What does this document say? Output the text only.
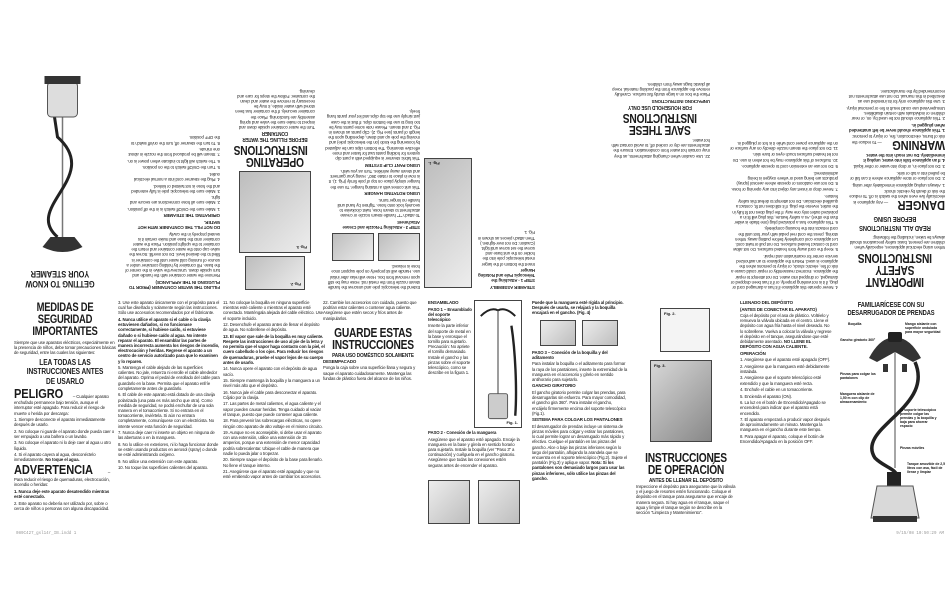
IMPORTANT SAFETY INSTRUCTIONS

When using electrical appliances, especially when children are present, basic safety precautions should always be taken, including the following:

READ ALL INSTRUCTIONS BEFORE USING

DANGER — Any appliance is electrically live even when the switch is off. To reduce the risk of death by electric shock:

1. Always unplug appliance immediately after using.

2. Do not place or store appliance where it can fall or be pulled into a tub or sink.

3. Do not place in, or drop into water or other liquid.

4. If an appliance falls into water, unplug it immediately. Do not reach into the water.

WARNING — To reduce the risk of burns, electrocution, fire, or injury to persons:

1. This appliance should never be left unattended when plugged in.

2. This appliance should not be used by, on, or near children or individuals with certain disabilities. Unsupervised use could result in fire or personal injury.

3. Use this appliance only for its intended use as described in this manual. Do not use attachments not recommended by the manufacturer.

4. Never operate this appliance if it has a damaged cord or plug, if it is not working properly, or if it has been dropped or damaged, or dropped into water. Do not attempt to repair the appliance. Incorrect reassembly or repair could cause a risk of fire, electric shock, or injury to persons when the appliance is used. Return the appliance to an authorized service center for examination and repair.

5. Keep the cord away from heated surfaces. Do not allow cord to contact heated surfaces. Do not pull or twist cord. Let appliance cool completely before putting away. When storing, press the cord reel pedal with your foot until the cord retracts into the housing completely.

6. This appliance has a polarized plug (one blade is wider than the other). As a safety feature, this plug will fit in a polarized outlet only one way. If the plug does not fit fully in the outlet, reverse the plug. If it still does not fit, contact a qualified electrician. Do not attempt to defeat this safety feature.

7. Never drop or insert any object into any opening or hose.

8. Do not use outdoors or operate where aerosol (spray) products are being used or where oxygen is being administered.

9. Do not use an extension cord to operate appliance.

10. Surfaces of this appliance may be hot when in use. Do not let heated surfaces touch eyes or bare skin.

11. Do not place the steam nozzle directly on any surface or on the appliance power cord while it is hot or plugged in.

22. Use caution when changing attachments, as they may contain hot water from condensation. Ensure the attachments are dry or cooled off, to avoid contact with hot water.

SAVE THESE INSTRUCTIONS
FOR HOUSEHOLD USE ONLY

UNPACKING INSTRUCTIONS

Place the box on a large sturdy flat surface. Carefully remove the appliance from the packing material. Keep all plastic bags away from children.

STEAMER ASSEMBLY

STEP 1 - Attaching the Telescopic Pole and Rotating Hanger

Insert the bottom of the larger metal telescopic pole into the holder on the unit base and screw the set screw until tight. (Caution: Do not over-tighten.) Then attach pieces as shown in Fig. 1.

Fig. 1.

Extend the telescopic pole and unscrew the handle steam nozzle from the metal rod. Hose may be stiff upon removal from box. Hose will relax after initial use. Handle will sit properly on pole support once hose is relaxed.

STEP 3 - Attaching T-Nozzle and Crease Attachment

To attach "T" handle steam nozzle or crease attachment to steam hose, twist clockwise to securely lock onto hose. Tighten by hand until handle no longer turns.

USING ROTATING HANGER

This unit comes with a rotating hanger. To use the hanger simply place on top of pole firmly (Fig. 1). It is now in place to rotate 360°. Hang your garment and steam away wrinkles. Turn as you wish.

USING PANT CLIP SYSTEM

This fabric steamer is equipped with a pant clip system for holding pants taut for faster and more effective steaming. The bottom clips can be adjusted by loosening the knob (on the telescopic pole) and moving the pole up and down, depending upon the length of pants (see Fig. 2). Clip pants as shown in Fig. 3 and steam. Please note some pants may be too long to use the bottom clips. If that is the case just simply use the top clips and let your pants hang freely.

Fig. 2.
Fig. 3.
OPERATING INSTRUCTIONS
BEFORE FILLING THE WATER CONTAINER

Turn the water container upside down and inspect to make sure the valve and spring assembly are functioning. Place the container securely. If the container has been stored with water inside, it may be necessary to remove the water and clean the container. Follow the steps for care and cleaning.

FILLING THE WATER CONTAINER (PRIOR TO PLUGGING IN THE APPLIANCE)

Remove the water container with the handle and turn upside down. Unscrew the valve in the center of the base. Fill container by holding container under a source of running cold water until the container is filled to the desired level. Do not overfill. Screw the valve cap onto the water container and return the container to the upright position. Place the water container onto the base and make certain it is seated properly in the cavity.

DO NOT FILL THE CONTAINER WITH HOT WATER.

OPERATING THE STEAMER

1. Make sure the On/Off switch is in the off position.

2. Make sure all hose connections are secure and tight.

3. Make sure the telescopic pole is fully extended and the hose is not twisted or kinked.

4. Plug the steamer cord into a normal electrical outlet.

5. Turn the On/Off switch to the on position.

6. The switch will light to indicate when power is on.

7. Steam will be produced from the nozzle in about one minute.

8. To turn the steamer off, turn the on/off switch to the OFF position.

GETTING TO KNOW YOUR STEAMER
MEDIDAS DE SEGURIDAD IMPORTANTES

Siempre que use aparatos eléctricos, especialmente en la presencia de niños, debe tomar precauciones básicas de seguridad, entre las cuales las siguientes:

LEA TODAS LAS INSTRUCCIONES ANTES DE USARLO

PELIGRO – Cualquier aparato enchufado permanece bajo tensión, aunque el interruptor esté apagado. Para reducir el riesgo de muerte o herida por descarga:

1. Siempre desconecte el aparato inmediatamente después de usarlo.

2. No coloque ni guarde el aparato donde pueda caer o ser empujado a una bañera o un lavabo.

3. No coloque el aparato ni lo deje caer al agua u otro líquido.

4. Si el aparato cayera al agua, desconéctelo inmediatamente. No toque el agua.

ADVERTENCIA	–

Para reducir el riesgo de quemaduras, electrocución, incendio o heridas:

1. Nunca deje este aparato desatendido mientras esté conectado.

2. Este aparato no debería ser utilizado por, sobre o cerca de niños o personas con alguna discapacidad.

3. Use este aparato únicamente con el propósito para el cual fue diseñado y solamente según las instrucciones. Sólo use accesorios recomendados por el fabricante.

4. Nunca utilice el aparato si el cable o la clavija estuviesen dañados, si no funcionase correctamente, si hubiese caído, si estuviese dañado o si hubiese caído al agua. No intente reparar el aparato. El ensamblar las partes de manera incorrecta aumenta los riesgos de incendio, electrocución y heridas. Regrese el aparato a un centro de servicio autorizado para que lo examinen y lo reparen.

5. Mantenga el cable alejado de las superficies calientes. No jale, retuerza ni enrolle el cable alrededor del aparato. Oprima el pedal de enrollado del cable para guardarlo en la base. Permita que el aparato enfríe completamente antes de guardarlo.

6. El cable de este aparato está dotado de una clavija polarizada (una pata es más ancho que otra). Como medida de seguridad, se podrá enchufar de una sola manera en el tomacorriente. Si no entrara en el tomacorriente, inviértela. Si aún no entrara completamente, comuníquese con un electricista. No intente vencer esta función de seguridad.

7. Nunca deje caer ni inserte un objeto en ninguna de las aberturas o en la manguera.

8. No lo utilice en exteriores, ni lo haga funcionar donde se estén usando productos en aerosol (spray) o donde se esté administrando oxígeno.

9. No utilice una extensión con este aparato.

10. No toque las superficies calientes del aparato.

11. No coloque la boquilla en ninguna superficie mientras esté caliente o mientras el aparato esté conectado. Manténgala alejada del cable eléctrico. Use el soporte incluido.

12. Desenchufe el aparato antes de llenar el depósito de agua. No sobrellene el depósito.

13. El vapor que sale de la boquilla es muy caliente. Respete las instrucciones de uso al pie de la letra y no permita que el vapor haga contacto con la piel, el cuero cabelludo o los ojos. Para reducir los riesgos de quemaduras, pruebe el vapor lejos de su cuerpo antes de usarlo.

14. Nunca opere el aparato con el depósito de agua vacío.

15. Siempre mantenga la boquilla y la manguera a un nivel más alto que el depósito.

16. Nunca jale el cable para desconectar el aparato. Cójalo por la clavija.

17. Las partes de metal calientes, el agua caliente y el vapor pueden causar heridas. Tenga cuidado al vaciar el tanque, puesto que puede contener agua caliente.

18. Para prevenir las sobrecargas eléctricas, no opere ningún otro aparato de alto voltaje en el mismo circuito.

19. Aunque no es aconsejable, si debe usar el aparato con una extensión, utilice una extensión de 15 amperios, porque una extensión de menor capacidad podría sobrecalentar. Ubique el cable de manera que nadie lo pueda jalar o tropezar.

20. Siempre saque el depósito de la base para llenarlo. No llene el tanque interno.

21. Asegúrese que el aparato esté apagado y que no esté emitiendo vapor antes de cambiar los accesorios.

22. Cambie los accesorios con cuidado, puesto que podrían estar calientes o contener agua caliente. Asegúrese que estén secos y fríos antes de manipularlos.

GUARDE ESTAS INSTRUCCIONES
PARA USO DOMÉSTICO SOLAMENTE

DESEMPACADO

Ponga la caja sobre una superficie llana y segura y saque el aparato cuidadosamente. Mantenga las fundas de plástico fuera del alcance de los niños.

ENSAMBLADO

PASO 1 – Ensamblado del soporte telescópico

Inserte la parte inferior del soporte de metal en la base y enrosque el tornillo para sujetarlo. Precaución: No apriete el tornillo demasiado. Instale el gancho y las pinzas sobre el soporte telescópico, como se describe en la figura 1.

Fig. 1.

PASO 2 - Conexión de la manguera

Asegúrese que el aparato esté apagado. Encaje la manguera en la base y gírela en sentido horario para sujetarla. Instale la boquilla (ver "Paso 3" a continuación) y cuélguela en el gancho giratorio. Asegúrese que todas las conexiones estén seguras antes de encender el aparato.

Puede que la manguera esté rígida al principio. Después de usarla, se relajará y la boquilla encajará en el gancho. (Fig. 4)

PASO 3 – Conexión de la boquilla y del aditamento

Para instalar la boquilla o el aditamento para formar la raya de los pantalones, inserte la extremidad de la manguera en el accesorio y gírelo en sentido antihorario para sujetarlo.

GANCHO GIRATORIO

El gancho giratorio permite colgar las prendas, para desarrugarlas sin esfuerzo. Para mayor comodidad, el gancho gira 360°. Para instalar el gancho, encájelo firmemente encima del soporte telescópico (Fig.1).

SISTEMA PARA COLGAR LOS PANTALONES

El desarrugador de prendas incluye un sistema de pinzas móviles para colgar y estirar los pantalones, lo cual permite lograr un desarrugado más rápido y efectivo. Cuelgue el pantalón en las pinzas del gancho. Alce o baje las pinzas inferiores según lo largo del pantalón, aflojando la arandela que se encuentra en el soporte telescópico (Fig.2). Sujete el pantalón (Fig.3) y aplique vapor. Nota: Si los pantalones son demasiado largos para usar las pinzas inferiores, sólo utilice las pinzas del gancho.

Fig. 2.
Fig. 3.
INSTRUCCIONES DE OPERACIÓN
ANTES DE LLENAR EL DEPÓSITO

Inspeccione el depósito para asegurarse que la válvula y el juego de resortes estén funcionando. Coloque el depósito en el tanque para asegurarse que encaje de manera segura. Si hay agua en el tanque, saque el agua y limpie el tanque según se describe en la sección "Limpieza y Mantenimiento".

LLENADO DEL DEPÓSITO

(ANTES DE CONECTAR EL APARATO)

Coja el depósito por el asa de plástico. Voltéelo y remueva la válvula ubicada en el centro. Llene el depósito con agua fría hasta el nivel deseado. No lo sobrellene. Vuelva a colocar la válvula y regrese el depósito en el tanque, asegurándose que esté debidamente asentado. NO LLENE EL DEPÓSITO CON AGUA CALIENTE.

OPERACIÓN

1. Asegúrese que el aparato esté apagado (OFF).

2. Asegúrese que la manguera esté debidamente instalada.

3. Asegúrese que el soporte telescópico esté extendido y que la manguera esté recta.

4. Enchufe el cable en un tomacorriente.

5. Encienda el aparato (ON).

6. La luz en el botón de Encendido/Apagado se encenderá para indicar que el aparato está encendido.

7. El aparato empezará a producir vapor después de aproximadamente un minuto. Mantenga la manguera en el gancho durante este tiempo.

8. Para apagar el aparato, coloque el botón de Encendido/Apagado en la posición OFF.

FAMILIARÍCESE CON SU DESARRUGADOR DE PRENDAS
Boquilla	Mango aislante con superficie ondulada para mayor seguridad
Gancho giratorio 360°
Pinzas para colgar los pantalones
Manguera aislante de 1,50 m con clip de almacenamiento
El soporte telescópico permite colgar las prendas y la boquilla y baja para ahorrar espacio
Pinzas móviles
Tanque amovible de 2,5 litros con asa, fácil de llenar y limpiar
089C427_gsl14r_IB.indd 1	9/15/08 10:50:29 AM
